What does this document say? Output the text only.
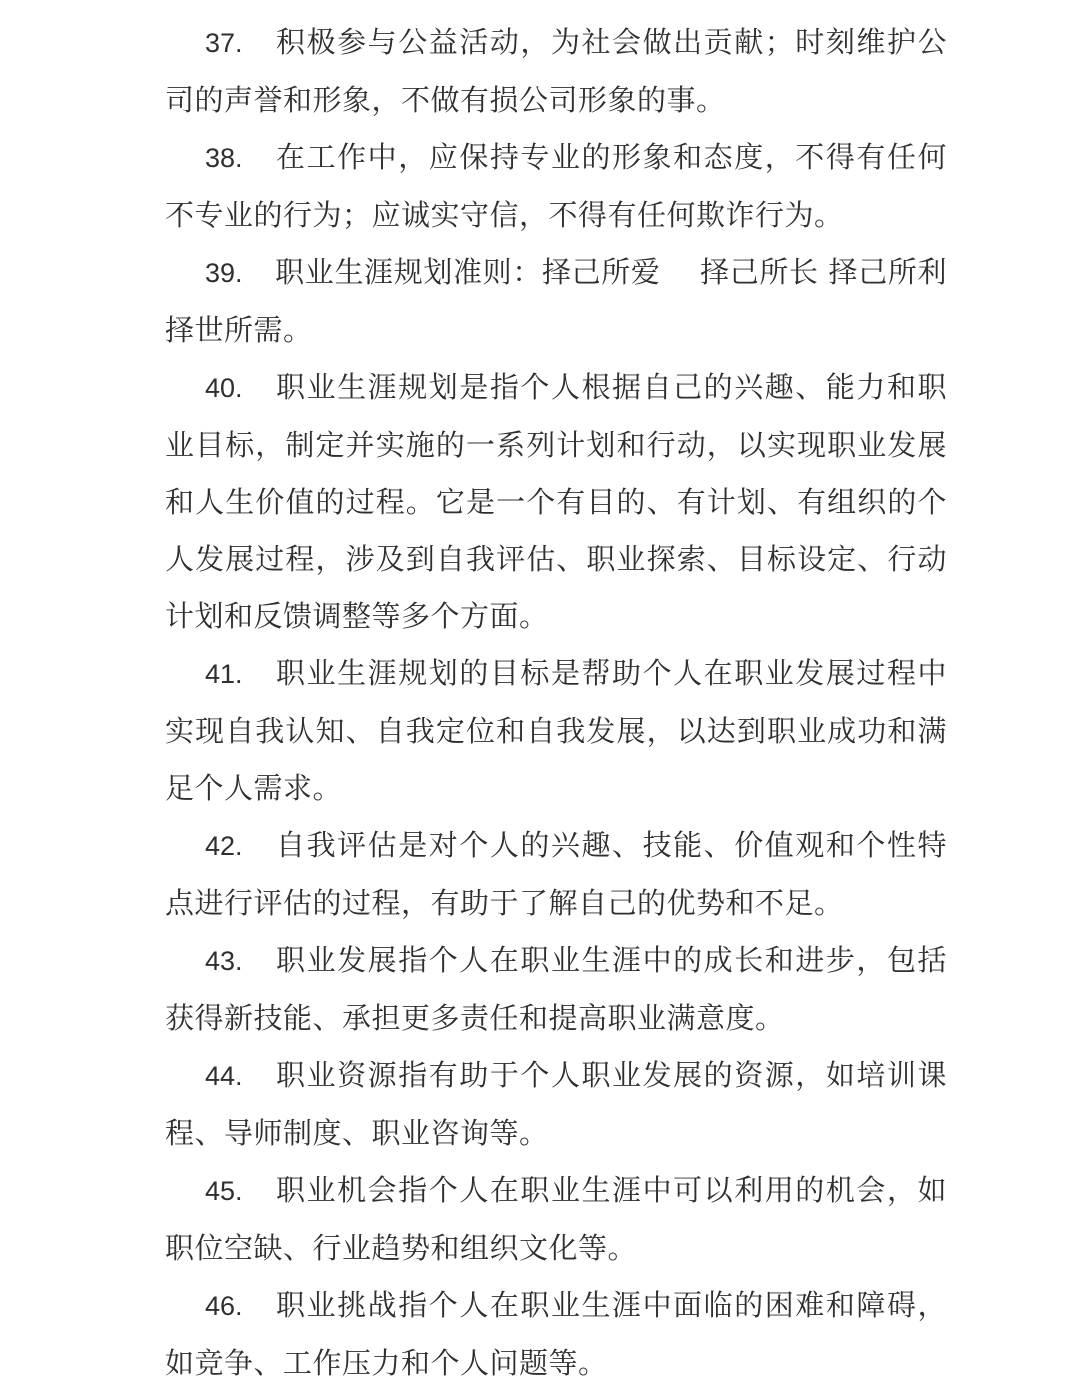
37. 积极参与公益活动，为社会做出贡献；时刻维护公司的声誉和形象，不做有损公司形象的事。

38. 在工作中，应保持专业的形象和态度，不得有任何不专业的行为；应诚实守信，不得有任何欺诈行为。

39. 职业生涯规划准则：择己所爱　 择己所长 择己所利 择世所需。

40. 职业生涯规划是指个人根据自己的兴趣、能力和职业目标，制定并实施的一系列计划和行动，以实现职业发展和人生价值的过程。它是一个有目的、有计划、有组织的个人发展过程，涉及到自我评估、职业探索、目标设定、行动计划和反馈调整等多个方面。

41. 职业生涯规划的目标是帮助个人在职业发展过程中实现自我认知、自我定位和自我发展，以达到职业成功和满足个人需求。

42. 自我评估是对个人的兴趣、技能、价值观和个性特点进行评估的过程，有助于了解自己的优势和不足。

43. 职业发展指个人在职业生涯中的成长和进步，包括获得新技能、承担更多责任和提高职业满意度。

44. 职业资源指有助于个人职业发展的资源，如培训课程、导师制度、职业咨询等。

45. 职业机会指个人在职业生涯中可以利用的机会，如职位空缺、行业趋势和组织文化等。

46. 职业挑战指个人在职业生涯中面临的困难和障碍，如竞争、工作压力和个人问题等。
